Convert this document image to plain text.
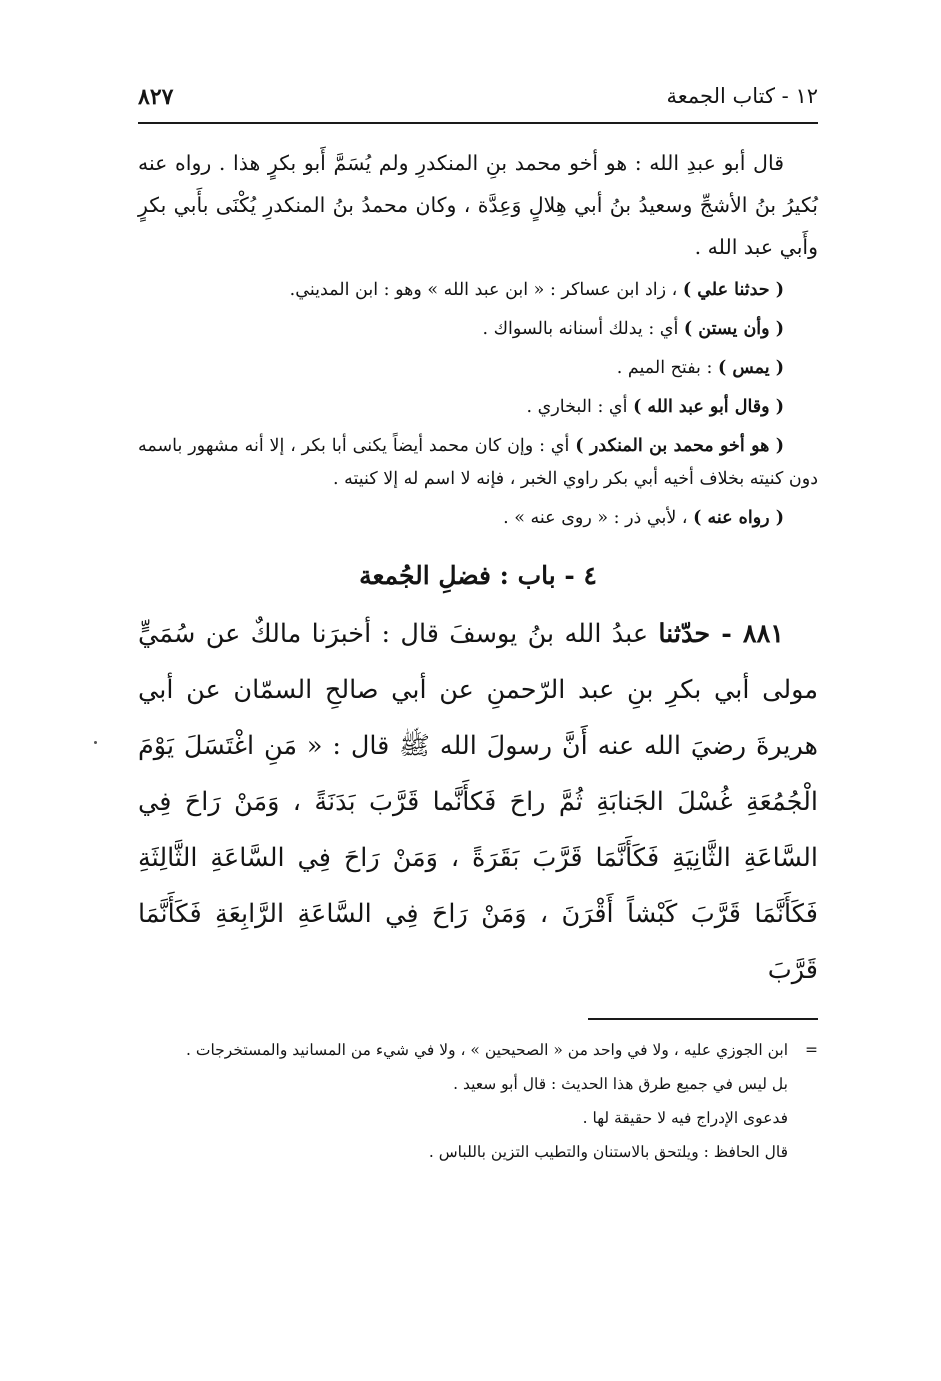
١٢ - كتاب الجمعة
٨٢٧

قال أبو عبدِ الله : هو أخو محمد بنِ المنكدرِ ولم يُسَمَّ أَبو بكرٍ هذا . رواه عنه بُكيرُ بنُ الأشجِّ وسعيدُ بنُ أبي هِلالٍ وَعِدَّة ، وكان محمدُ بنُ المنكدرِ يُكْنَى بأَبي بكرٍ وأَبي عبد الله .

( حدثنا علي ) ، زاد ابن عساكر : « ابن عبد الله » وهو : ابن المديني.

( وأن يستن ) أي : يدلك أسنانه بالسواك .

( يمس ) : بفتح الميم .

( وقال أبو عبد الله ) أي : البخاري .

( هو أخو محمد بن المنكدر ) أي : وإن كان محمد أيضاً يكنى أبا بكر ، إلا أنه مشهور باسمه دون كنيته بخلاف أخيه أبي بكر راوي الخبر ، فإنه لا اسم له إلا كنيته .

( رواه عنه ) ، لأبي ذر : « روى عنه » .

٤ - باب : فضلِ الجُمعة

٨٨١ - حدّثنا عبدُ الله بنُ يوسفَ قال : أخبرَنا مالكٌ عن سُمَيٍّ مولى أبي بكرِ بنِ عبد الرّحمنِ عن أبي صالحِ السمّان عن أبي هريرةَ رضيَ الله عنه أَنَّ رسولَ الله ﷺ قال : « مَنِ اغْتَسَلَ يَوْمَ الْجُمُعَةِ غُسْلَ الجَنابَةِ ثُمَّ راحَ فَكأَنَّما قَرَّبَ بَدَنَةً ، وَمَنْ رَاحَ فِي السَّاعَةِ الثَّانِيَةِ فَكَأَنَّمَا قَرَّبَ بَقَرَةً ، وَمَنْ رَاحَ فِي السَّاعَةِ الثَّالِثَةِ فَكَأَنَّمَا قَرَّبَ كَبْشاً أَقْرَنَ ، وَمَنْ رَاحَ فِي السَّاعَةِ الرَّابِعَةِ فَكَأَنَّمَا قَرَّبَ

=
ابن الجوزي عليه ، ولا في واحد من « الصحيحين » ، ولا في شيء من المسانيد والمستخرجات .
بل ليس في جميع طرق هذا الحديث : قال أبو سعيد .
فدعوى الإدراج فيه لا حقيقة لها .
قال الحافظ : ويلتحق بالاستنان والتطيب التزين باللباس .
